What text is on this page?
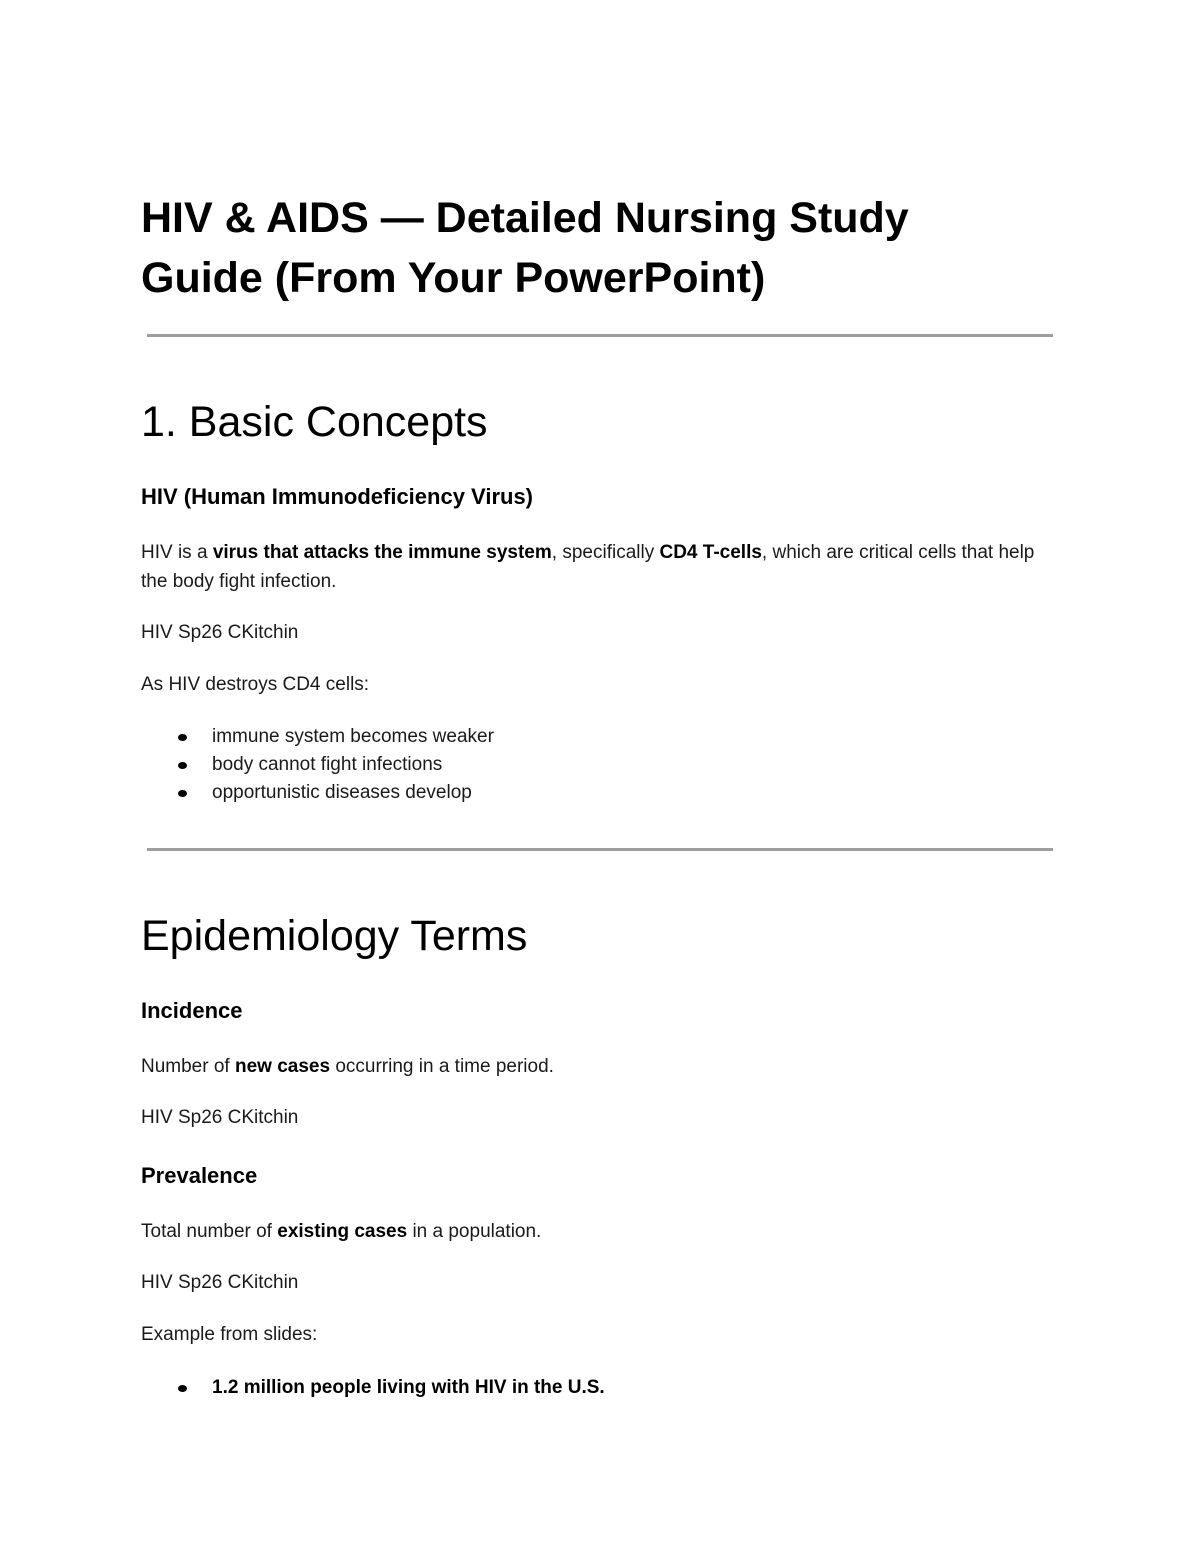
HIV & AIDS — Detailed Nursing Study Guide (From Your PowerPoint)
1. Basic Concepts
HIV (Human Immunodeficiency Virus)

HIV is a virus that attacks the immune system, specifically CD4 T-cells, which are critical cells that help the body fight infection.

HIV Sp26 CKitchin

As HIV destroys CD4 cells:

immune system becomes weaker
body cannot fight infections
opportunistic diseases develop
Epidemiology Terms
Incidence

Number of new cases occurring in a time period.

HIV Sp26 CKitchin

Prevalence

Total number of existing cases in a population.

HIV Sp26 CKitchin

Example from slides:

1.2 million people living with HIV in the U.S.
